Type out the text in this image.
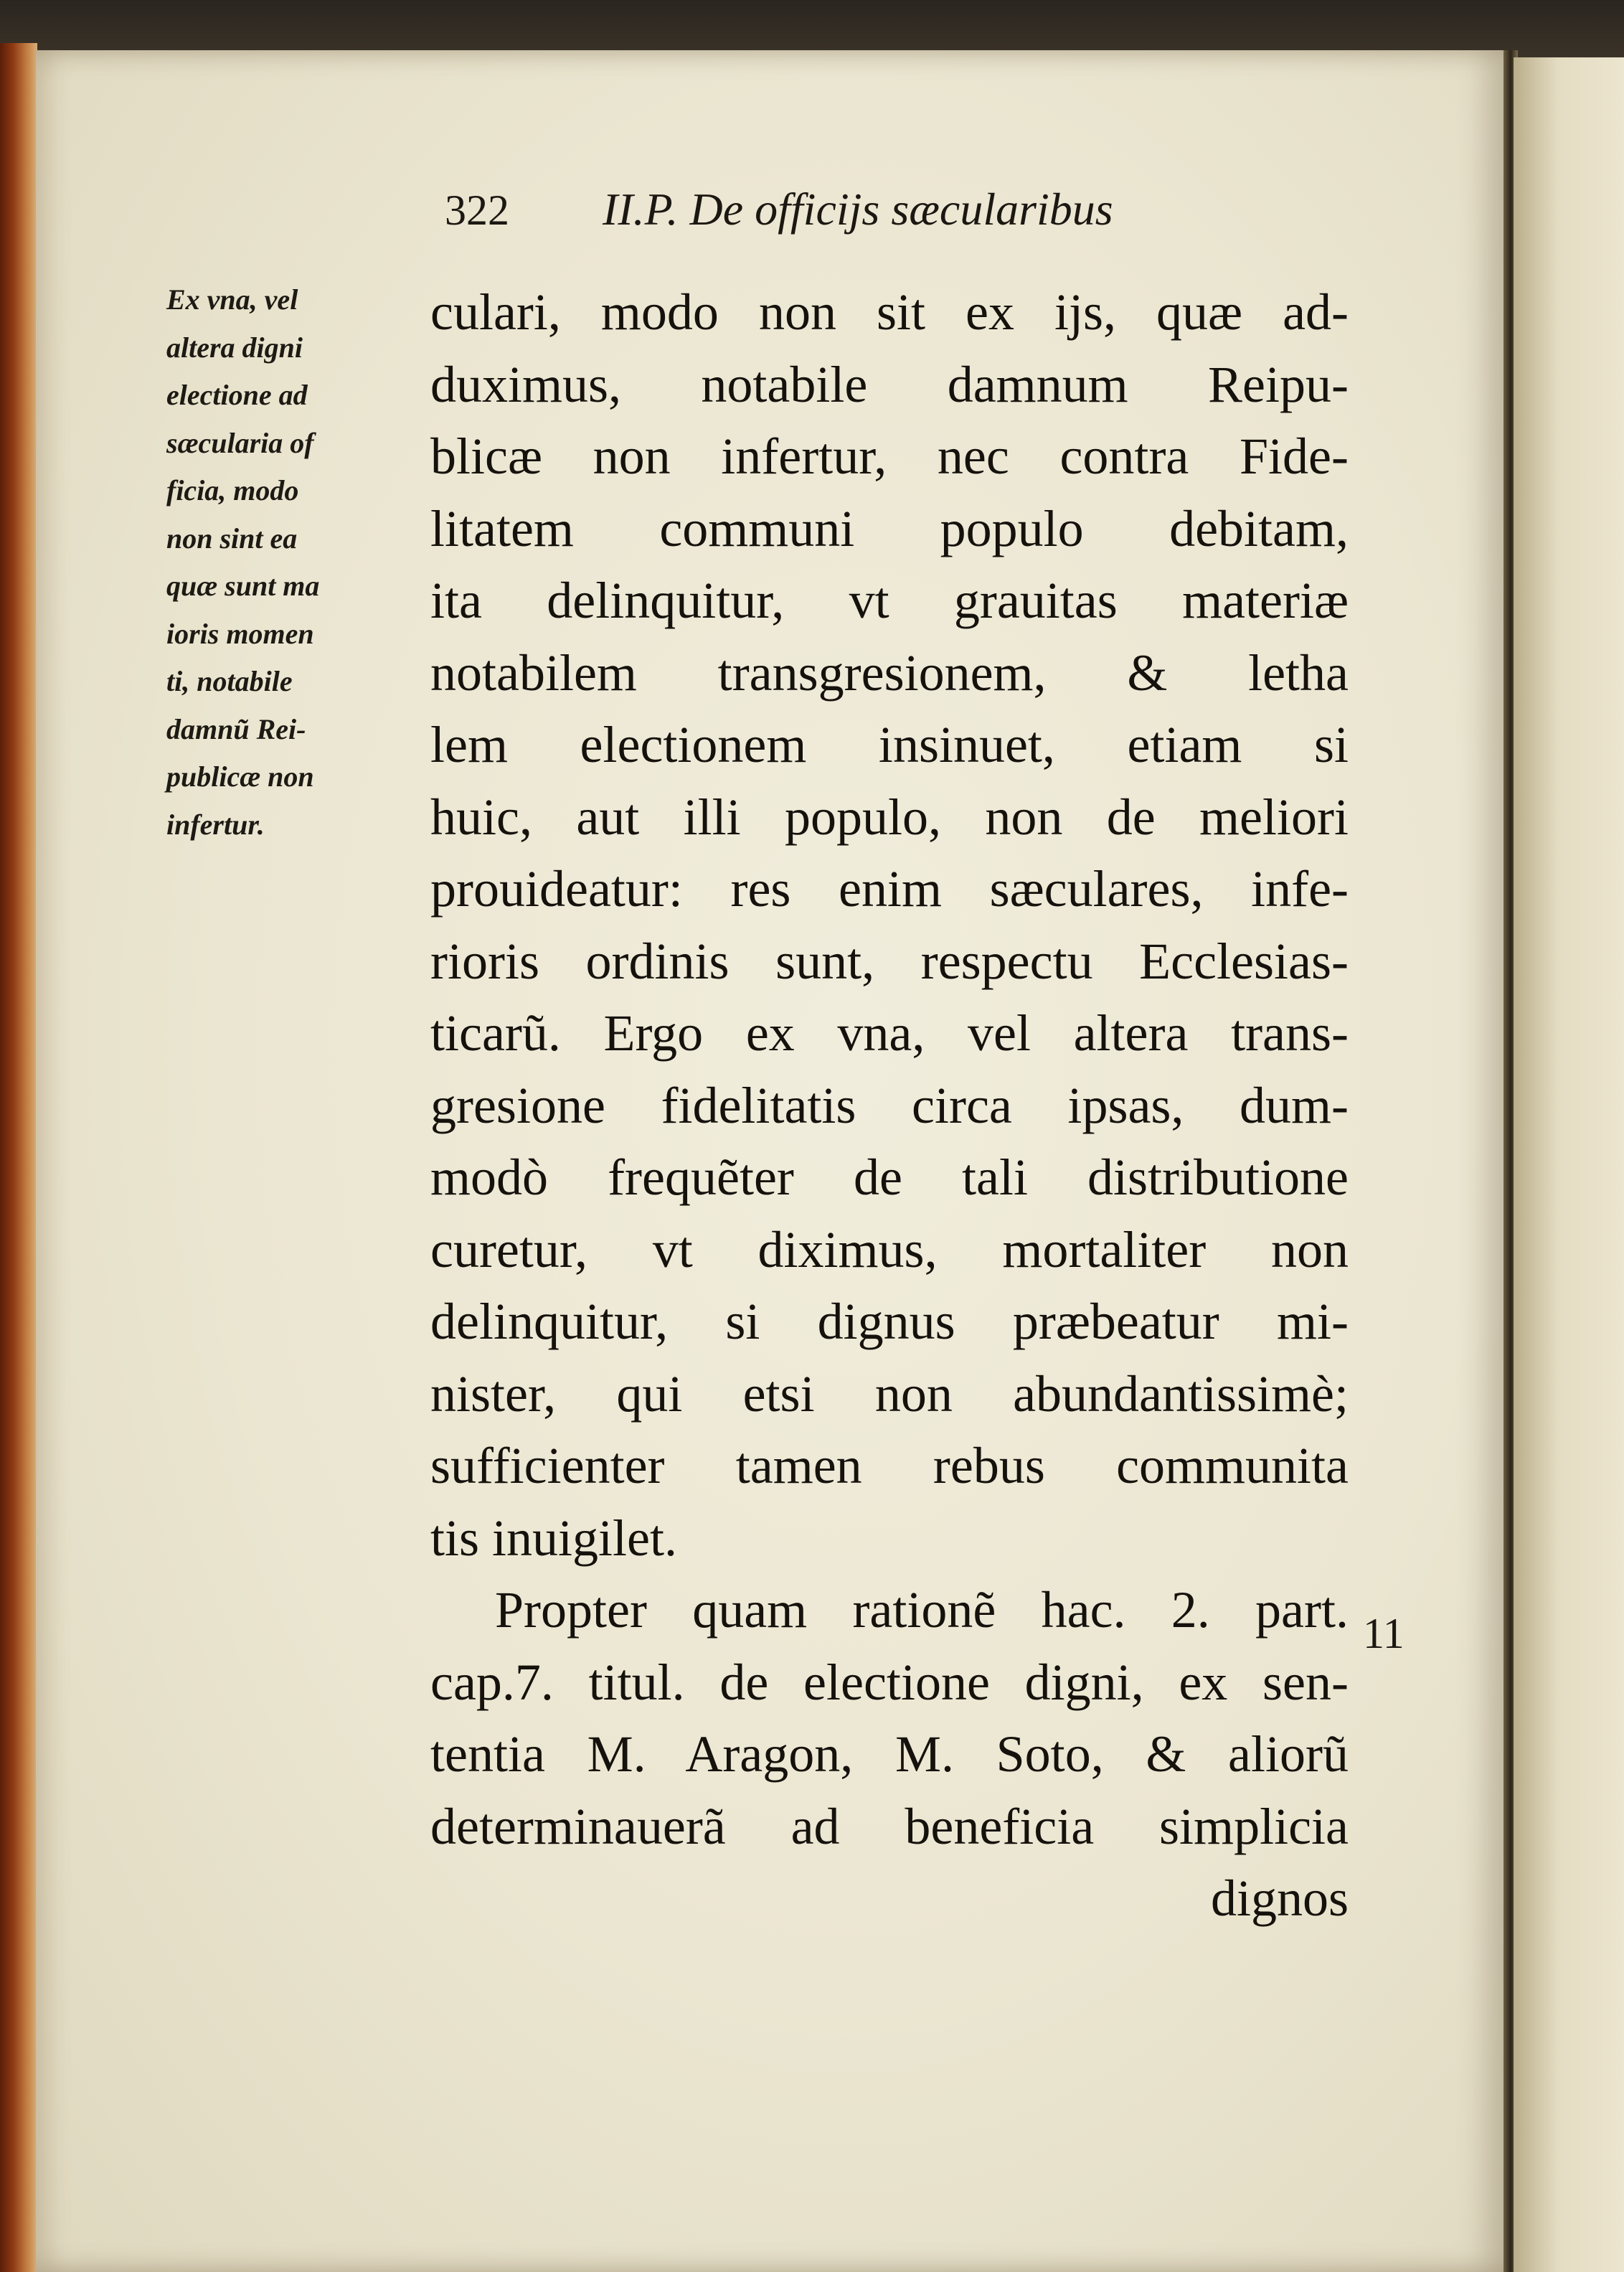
322 II.P. De officijs sæcularibus
Ex vna, vel
altera digni
electione ad
sæcularia of
ficia, modo
non sint ea
quæ sunt ma
ioris momen
ti, notabile
damnũ Rei-
publicæ non
infertur.
culari, modo non sit ex ijs, quæ ad-
duximus, notabile damnum Reipu-
blicæ non infertur, nec contra Fide-
litatem communi populo debitam,
ita delinquitur, vt grauitas materiæ
notabilem transgresionem, & letha
lem electionem insinuet, etiam si
huic, aut illi populo, non de meliori
prouideatur: res enim sæculares, infe-
rioris ordinis sunt, respectu Ecclesias-
ticarũ. Ergo ex vna, vel altera trans-
gresione fidelitatis circa ipsas, dum-
modò frequẽter de tali distributione
curetur, vt diximus, mortaliter non
delinquitur, si dignus præbeatur mi-
nister, qui etsi non abundantissimè;
sufficienter tamen rebus communita
tis inuigilet.
Propter quam rationẽ hac. 2. part.
cap.7. titul. de electione digni, ex sen-
tentia M. Aragon, M. Soto, & aliorũ
determinauerã ad beneficia simplicia
dignos
11
